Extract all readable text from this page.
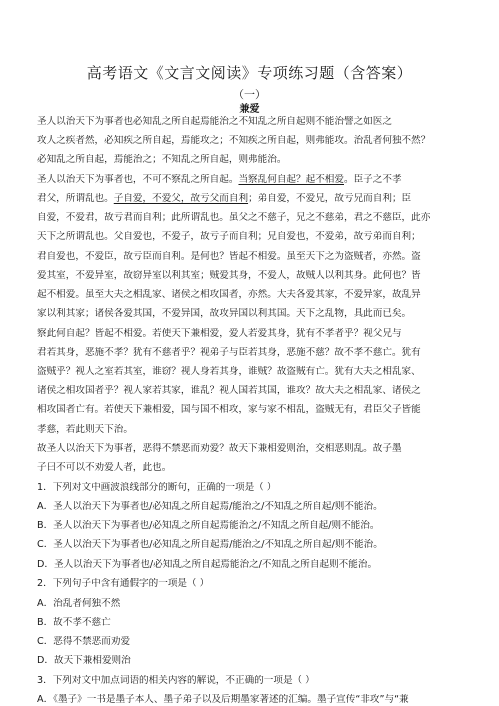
高考语文《文言文阅读》专项练习题（含答案）
（一）
兼爱
圣人以治天下为事者也必知乱之所自起焉能治之不知乱之所自起则不能治譬之如医之
攻人之疾者然，必知疾之所自起，焉能攻之；不知疾之所自起，则弗能攻。治乱者何独不然？
必知乱之所自起，焉能治之；不知乱之所自起，则弗能治。
圣人以治天下为事者也，不可不察乱之所自起。当察乱何自起？起不相爱。臣子之不孝
君父，所谓乱也。子自爱，不爱父，故亏父而自利；弟自爱，不爱兄，故亏兄而自利；臣
自爱，不爱君，故亏君而自利；此所谓乱也。虽父之不慈子，兄之不慈弟，君之不慈臣，此亦
天下之所谓乱也。父自爱也，不爱子，故亏子而自利；兄自爱也，不爱弟，故亏弟而自利；
君自爱也，不爱臣，故亏臣而自利。是何也？皆起不相爱。虽至天下之为盗贼者，亦然。盗
爱其室，不爱异室，故窃异室以利其室；贼爱其身，不爱人，故贼人以利其身。此何也？皆
起不相爱。虽至大夫之相乱家、诸侯之相攻国者，亦然。大夫各爱其家，不爱异家，故乱异
家以利其家；诸侯各爱其国，不爱异国，故攻异国以利其国。天下之乱物，具此而已矣。
察此何自起？皆起不相爱。若使天下兼相爱，爱人若爱其身，犹有不孝者乎？视父兄与
君若其身，恶施不孝？犹有不慈者乎？视弟子与臣若其身，恶施不慈？故不孝不慈亡。犹有
盗贼乎？视人之室若其室，谁窃？视人身若其身，谁贼？故盗贼有亡。犹有大夫之相乱家、
诸侯之相攻国者乎？视人家若其家，谁乱？视人国若其国，谁攻？故大夫之相乱家、诸侯之
相攻国者亡有。若使天下兼相爱，国与国不相攻，家与家不相乱，盗贼无有，君臣父子皆能
孝慈，若此则天下治。
故圣人以治天下为事者，恶得不禁恶而劝爱？故天下兼相爱则治，交相恶则乱。故子墨
子曰不可以不劝爱人者，此也。
1．下列对文中画波浪线部分的断句，正确的一项是（ ）
A．圣人以治天下为事者也/必知乱之所自起焉/能治之/不知乱之所自起/则不能治。
B．圣人以治天下为事者也/必知乱之所自起焉能治之/不知乱之所自起/则不能治。
C．圣人以治天下为事者也/必知乱之所自起焉/能治之/不知乱之所自起/则不能治。
D．圣人以治天下为事者也/必知乱之所自起焉能治之/不知乱之所自起则不能治。
2．下列句子中含有通假字的一项是（ ）
A．治乱者何独不然
B．故不孝不慈亡
C．恶得不禁恶而劝爱
D．故天下兼相爱则治
3．下列对文中加点词语的相关内容的解说，不正确的一项是（ ）
A．《墨子》一书是墨子本人、墨子弟子以及后期墨家著述的汇编。墨子宣传“非攻”与“兼
